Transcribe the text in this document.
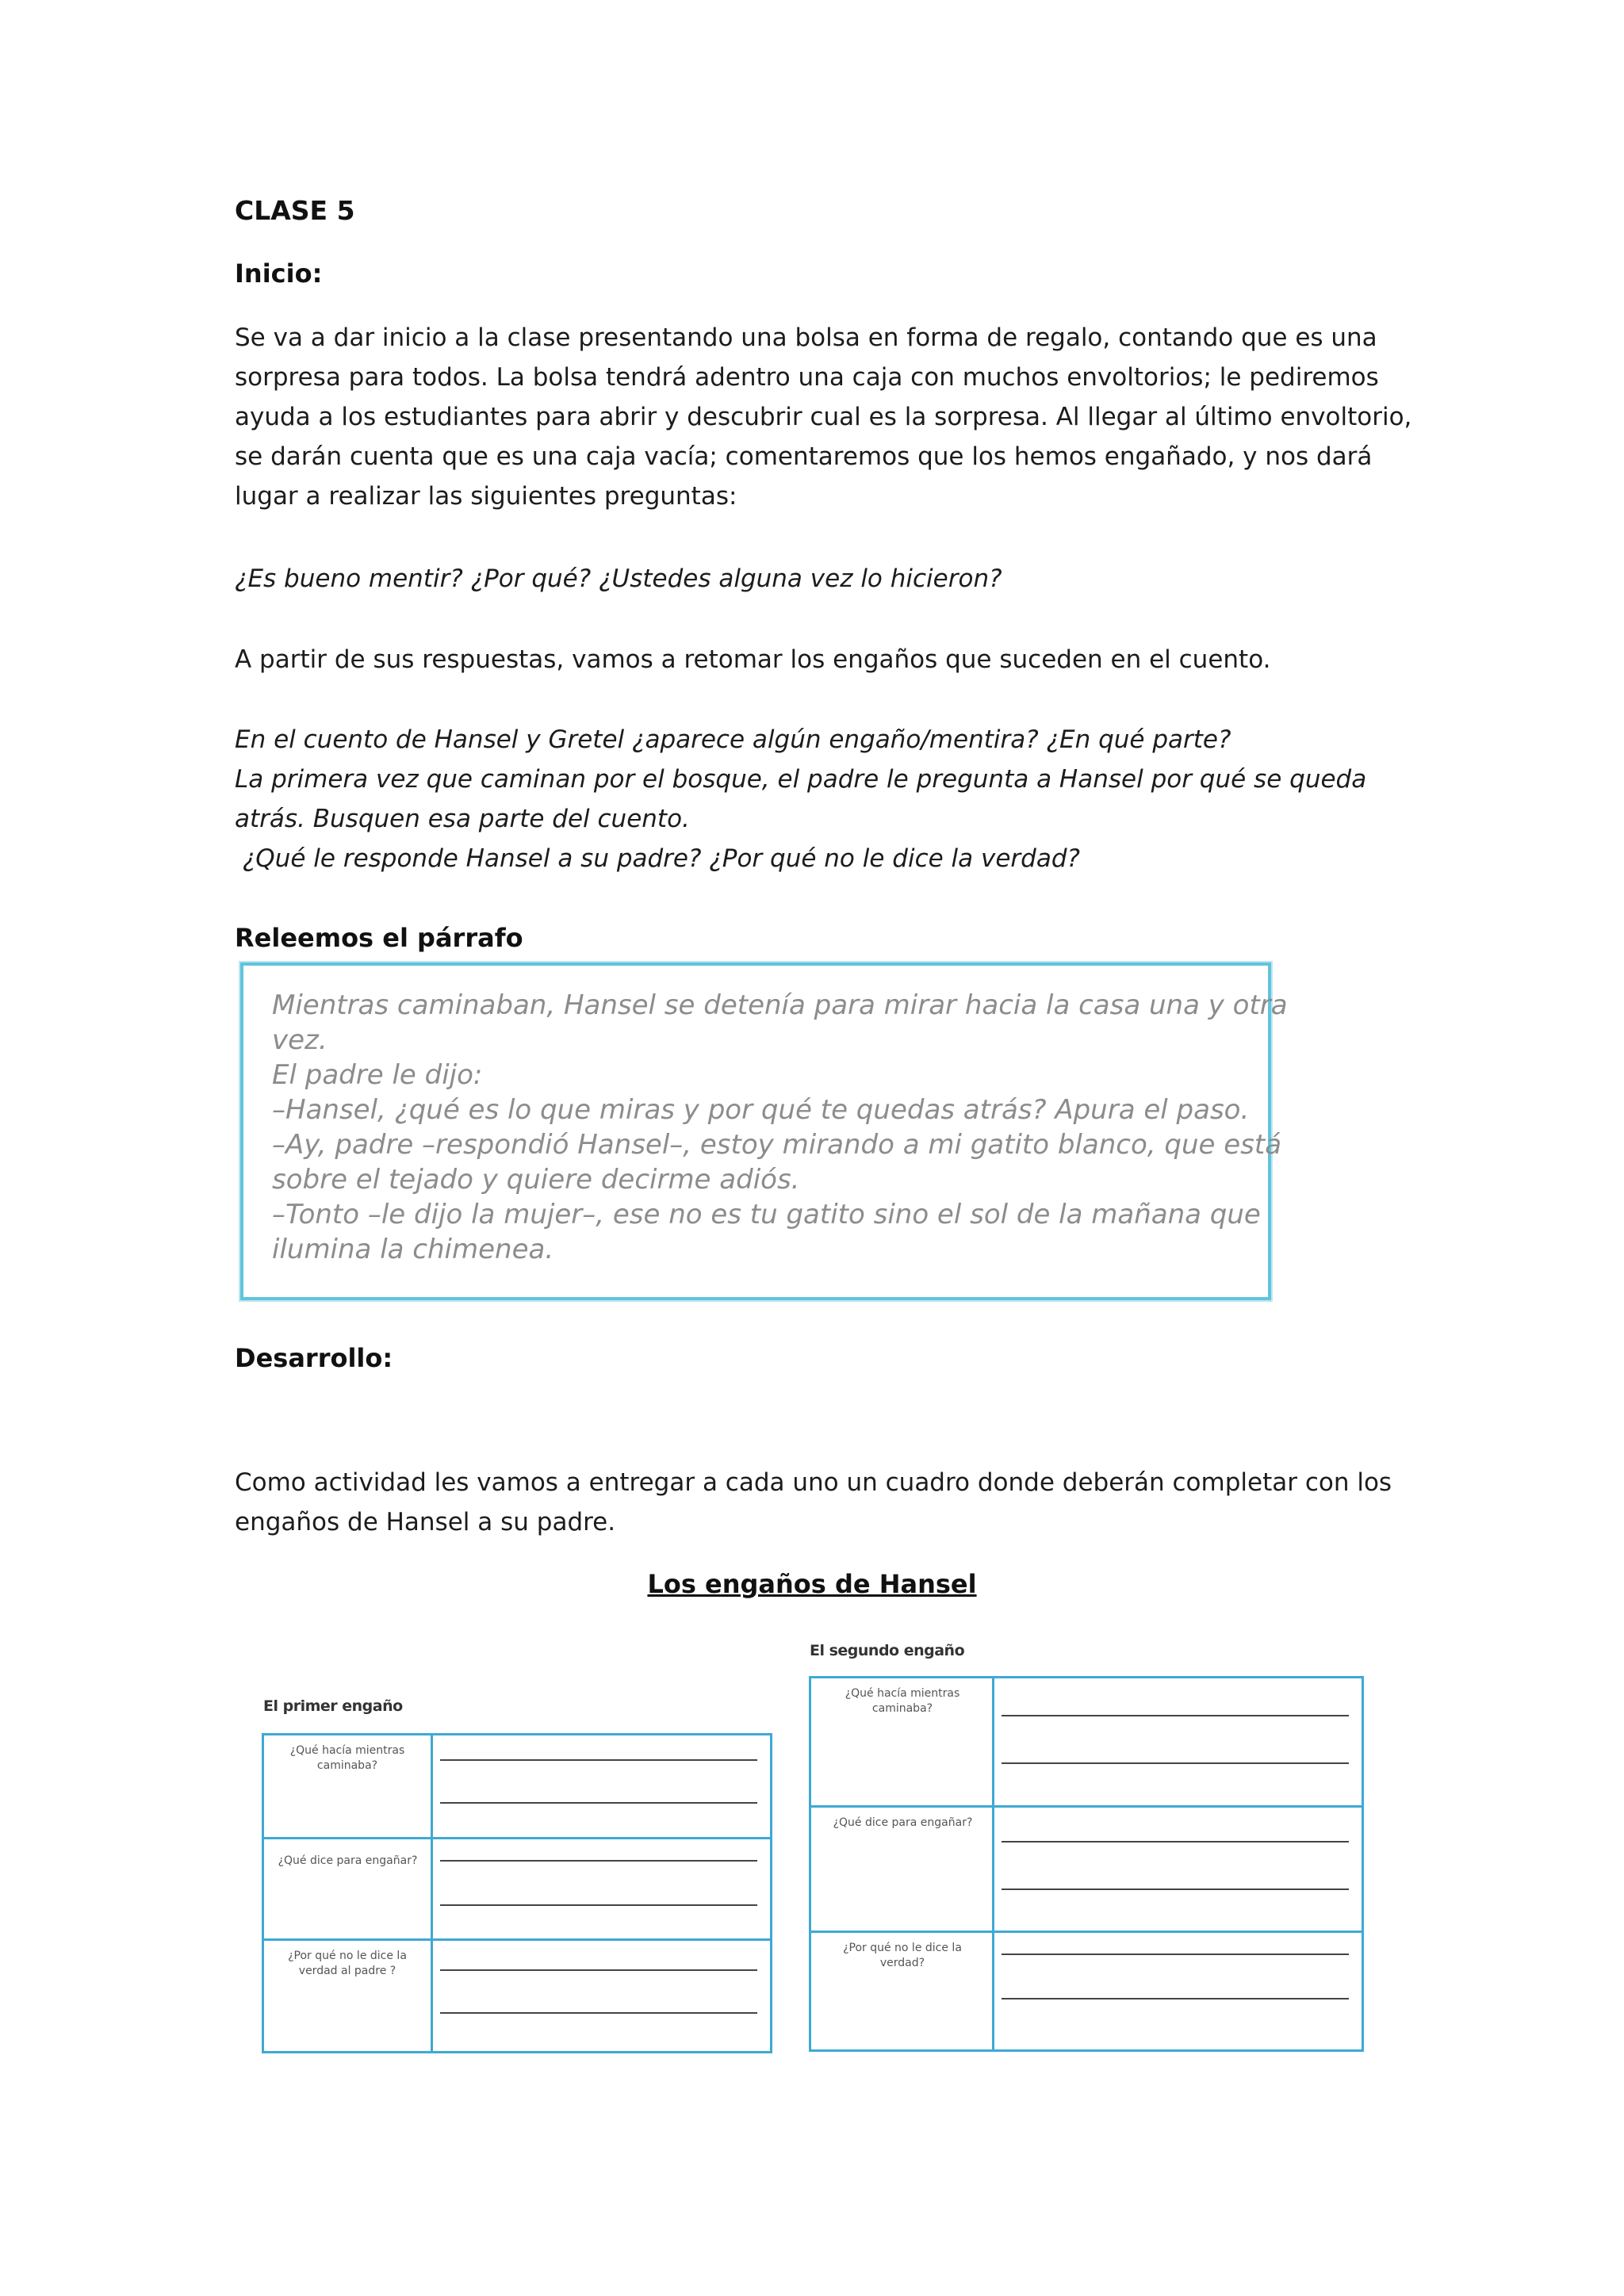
CLASE 5
Inicio:
Se va a dar inicio a la clase presentando una bolsa en forma de regalo, contando que es una
sorpresa para todos. La bolsa tendrá adentro una caja con muchos envoltorios; le pediremos
ayuda a los estudiantes para abrir y descubrir cual es la sorpresa. Al llegar al último envoltorio,
se darán cuenta que es una caja vacía; comentaremos que los hemos engañado, y nos dará
lugar a realizar las siguientes preguntas:
¿Es bueno mentir? ¿Por qué? ¿Ustedes alguna vez lo hicieron?
A partir de sus respuestas, vamos a retomar los engaños que suceden en el cuento.
En el cuento de Hansel y Gretel ¿aparece algún engaño/mentira? ¿En qué parte?
La primera vez que caminan por el bosque, el padre le pregunta a Hansel por qué se queda
atrás. Busquen esa parte del cuento.
¿Qué le responde Hansel a su padre? ¿Por qué no le dice la verdad?
Releemos el párrafo
Mientras caminaban, Hansel se detenía para mirar hacia la casa una y otra
vez.
El padre le dijo:
–Hansel, ¿qué es lo que miras y por qué te quedas atrás? Apura el paso.
–Ay, padre –respondió Hansel–, estoy mirando a mi gatito blanco, que está
sobre el tejado y quiere decirme adiós.
–Tonto –le dijo la mujer–, ese no es tu gatito sino el sol de la mañana que
ilumina la chimenea.
Desarrollo:
Como actividad les vamos a entregar a cada uno un cuadro donde deberán completar con los
engaños de Hansel a su padre.
Los engaños de Hansel
El primer engaño
¿Qué hacía mientras caminaba?
¿Qué dice para engañar?
¿Por qué no le dice la verdad al padre ?
El segundo engaño
¿Qué hacía mientras caminaba?
¿Qué dice para engañar?
¿Por qué no le dice la verdad?
